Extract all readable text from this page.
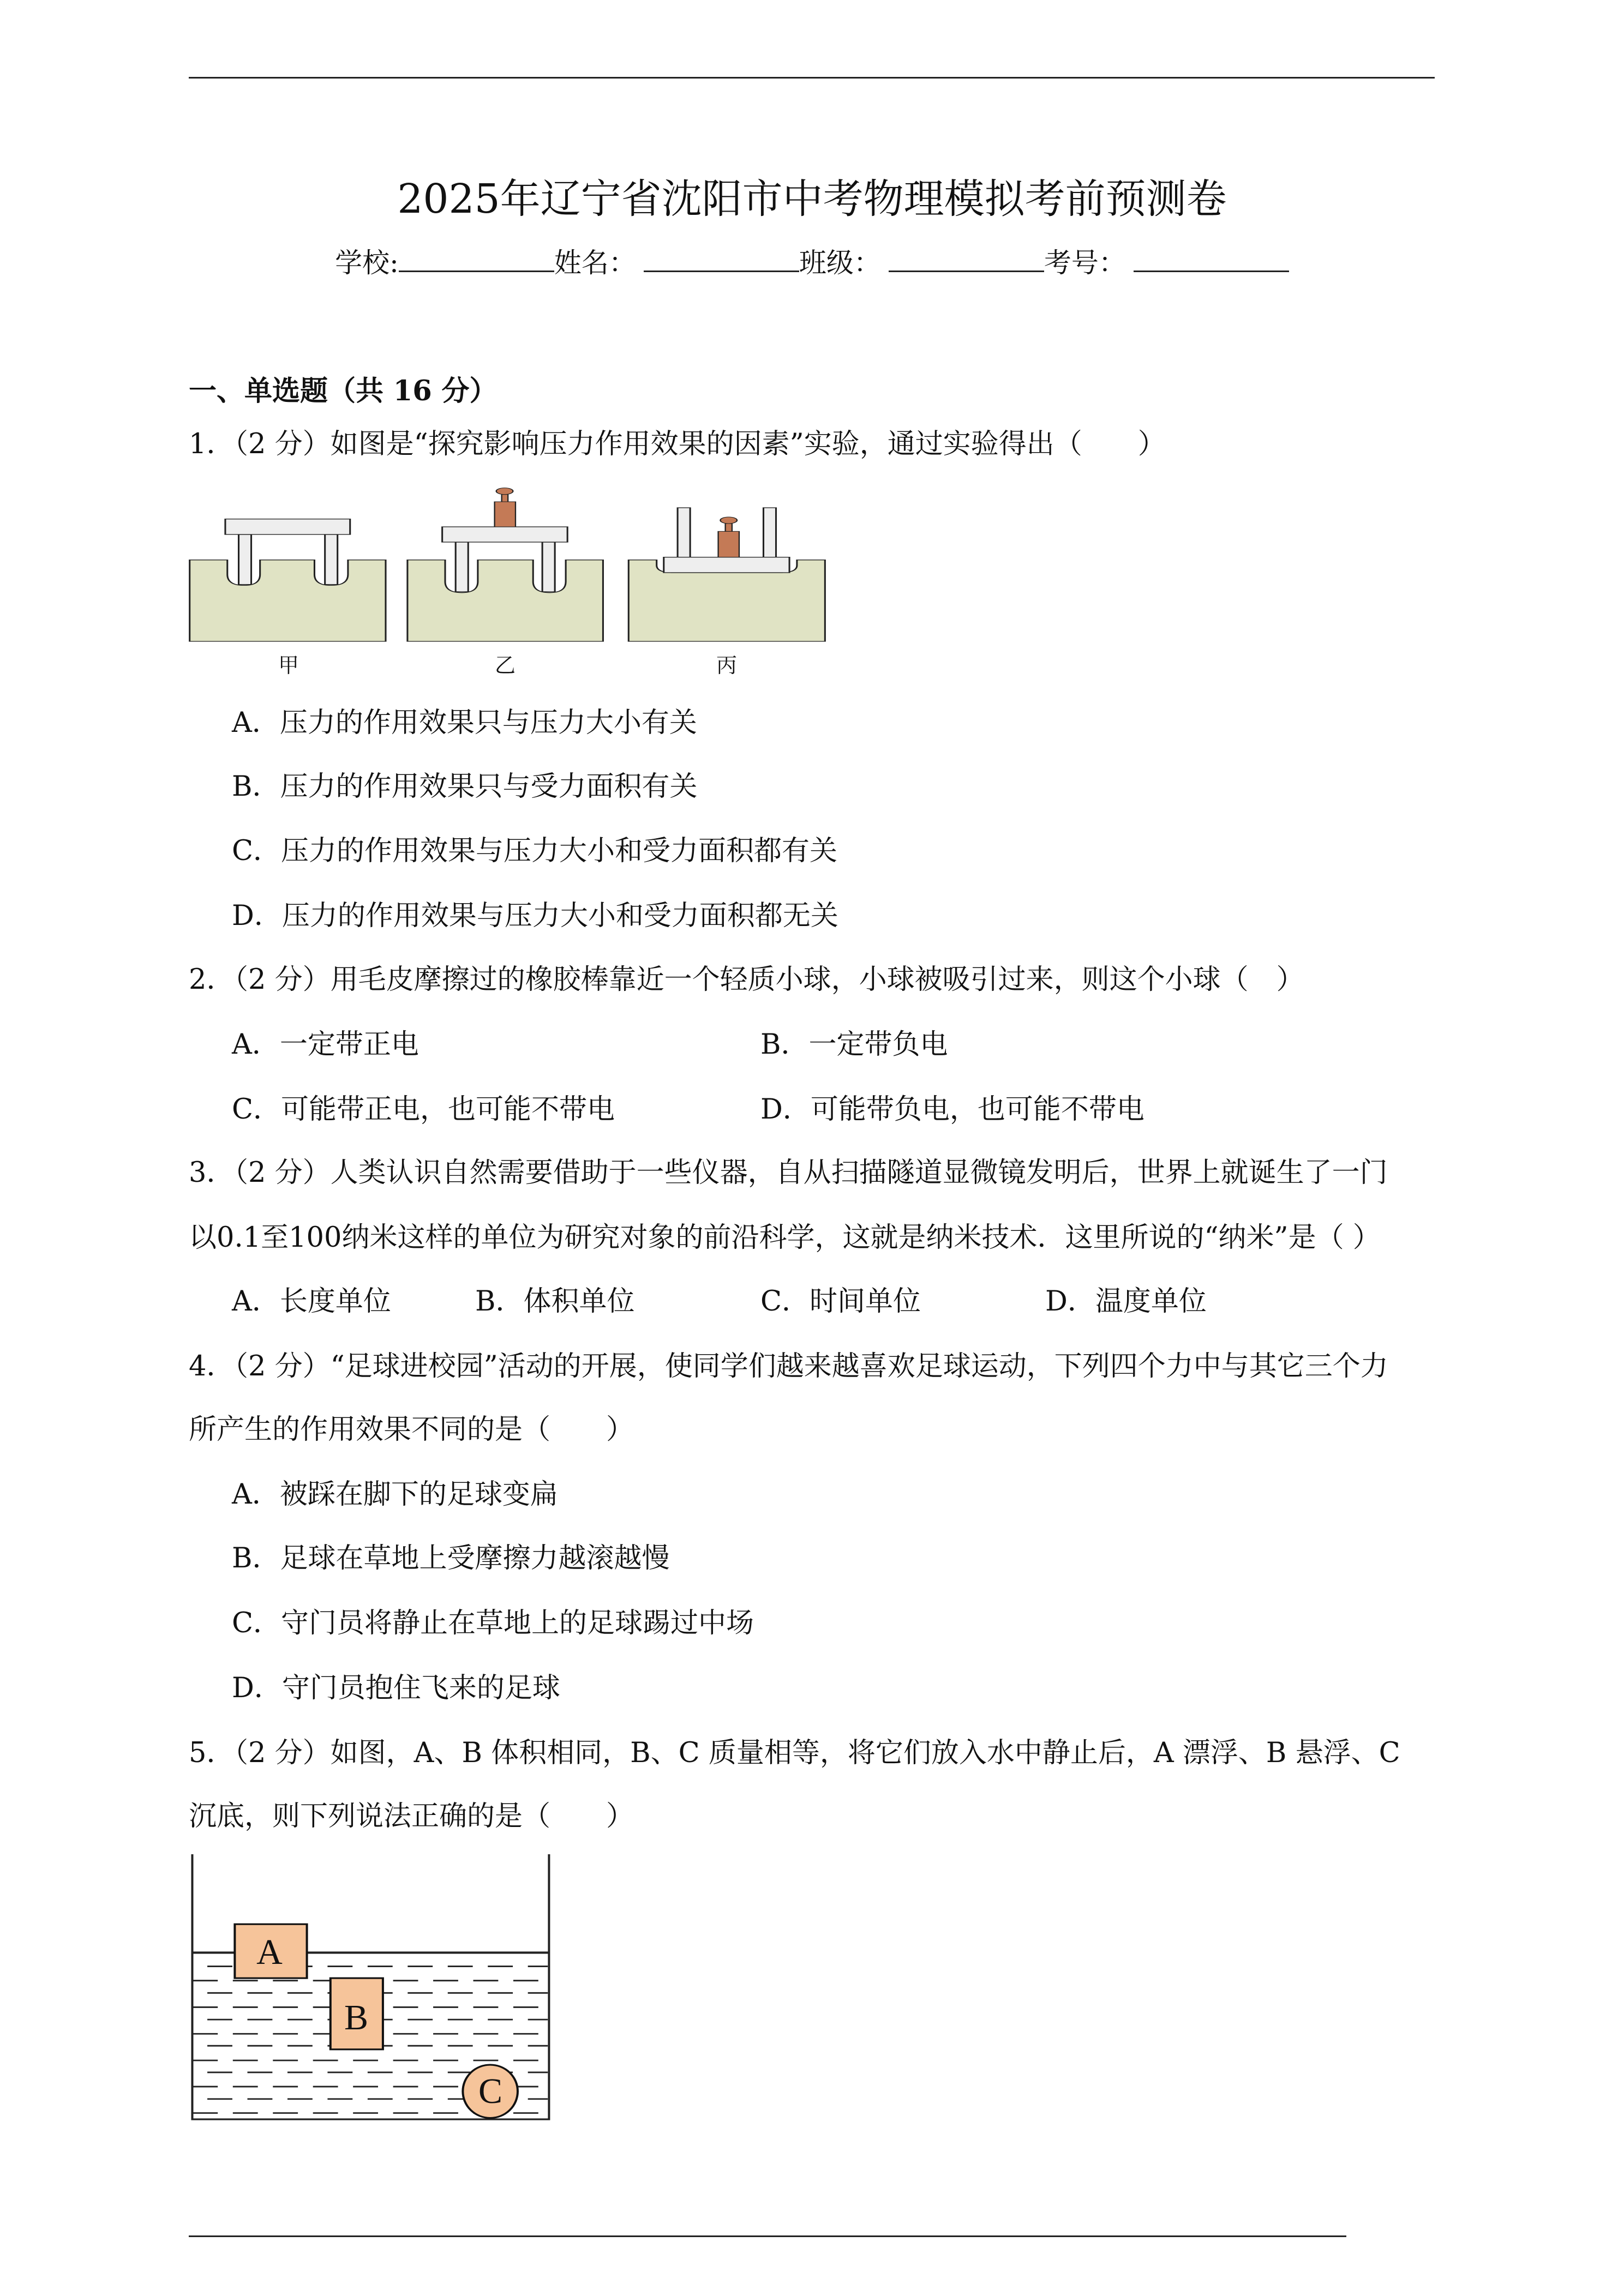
2025年辽宁省沈阳市中考物理模拟考前预测卷
学校:	姓名：	班级：	考号：
一、单选题（共 16 分）
1．（2 分）如图是“探究影响压力作用效果的因素”实验，通过实验得出（　　）
甲	乙	丙
A．压力的作用效果只与压力大小有关
B．压力的作用效果只与受力面积有关
C．压力的作用效果与压力大小和受力面积都有关
D．压力的作用效果与压力大小和受力面积都无关
2．（2 分）用毛皮摩擦过的橡胶棒靠近一个轻质小球，小球被吸引过来，则这个小球（　）
A．一定带正电	B．一定带负电
C．可能带正电，也可能不带电	D．可能带负电，也可能不带电
3．（2 分）人类认识自然需要借助于一些仪器，自从扫描隧道显微镜发明后，世界上就诞生了一门
以0.1至100纳米这样的单位为研究对象的前沿科学，这就是纳米技术．这里所说的“纳米”是（ ）
A．长度单位	B．体积单位	C．时间单位	D．温度单位
4．（2 分）“足球进校园”活动的开展，使同学们越来越喜欢足球运动，下列四个力中与其它三个力
所产生的作用效果不同的是（　　）
A．被踩在脚下的足球变扁
B．足球在草地上受摩擦力越滚越慢
C．守门员将静止在草地上的足球踢过中场
D．守门员抱住飞来的足球
5．（2 分）如图，A、B 体积相同，B、C 质量相等，将它们放入水中静止后，A 漂浮、B 悬浮、C
沉底，则下列说法正确的是（　　）
A
B
C
